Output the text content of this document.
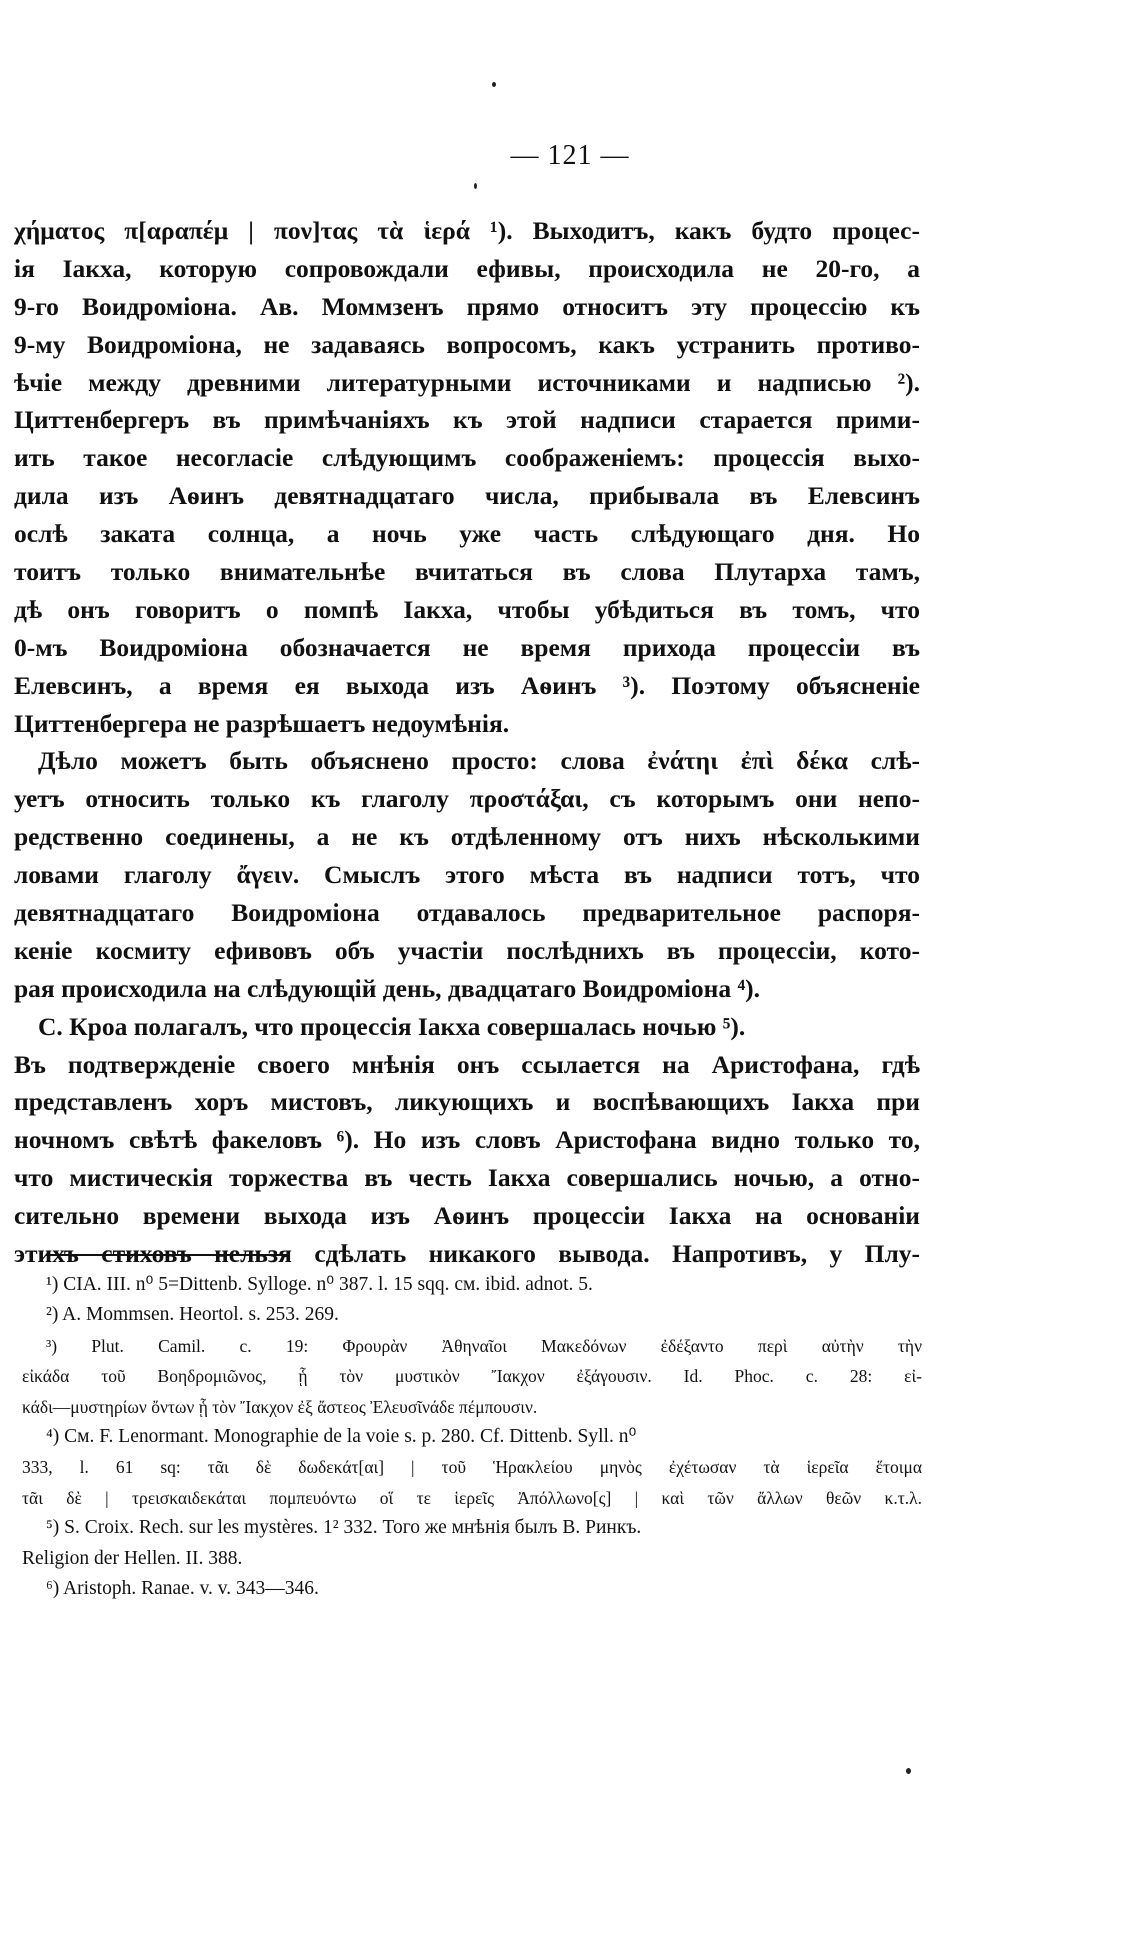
— 121 —
χήματος π[αραπέμ | πον]τας τὰ ἱερά ¹). Выходитъ, какъ будто процес-
ія Іакха, которую сопровождали ефивы, происходила не 20-го, а
9-го Воидроміона. Ав. Моммзенъ прямо относитъ эту процессію къ
9-му Воидроміона, не задаваясь вопросомъ, какъ устранить противо-
ѣчіе между древними литературными источниками и надписью ²).
Циттенбергеръ въ примѣчаніяхъ къ этой надписи старается прими-
ить такое несогласіе слѣдующимъ соображеніемъ: процессія выхо-
дила изъ Аѳинъ девятнадцатаго числа, прибывала въ Елевсинъ
ослѣ заката солнца, а ночь уже часть слѣдующаго дня. Но
тоитъ только внимательнѣе вчитаться въ слова Плутарха тамъ,
дѣ онъ говоритъ о помпѣ Іакха, чтобы убѣдиться въ томъ, что
0-мъ Воидроміона обозначается не время прихода процессіи въ
Елевсинъ, а время ея выхода изъ Аѳинъ ³). Поэтому объясненіе
Циттенбергера не разрѣшаетъ недоумѣнія.
Дѣло можетъ быть объяснено просто: слова ἐνάτηι ἐπὶ δέκα слѣ-
уетъ относить только къ глаголу προστάξαι, съ которымъ они непо-
редственно соединены, а не къ отдѣленному отъ нихъ нѣсколькими
ловами глаголу ἄγειν. Смыслъ этого мѣста въ надписи тотъ, что
девятнадцатаго Воидроміона отдавалось предварительное распоря-
кеніе космиту ефивовъ объ участіи послѣднихъ въ процессіи, кото-
рая происходила на слѣдующій день, двадцатаго Воидроміона ⁴).
С. Кроа полагалъ, что процессія Іакха совершалась ночью ⁵).
Въ подтвержденіе своего мнѣнія онъ ссылается на Аристофана, гдѣ
представленъ хоръ мистовъ, ликующихъ и воспѣвающихъ Іакха при
ночномъ свѣтѣ факеловъ ⁶). Но изъ словъ Аристофана видно только то,
что мистическія торжества въ честь Іакха совершались ночью, а отно-
сительно времени выхода изъ Аѳинъ процессіи Іакха на основаніи
этихъ стиховъ нельзя сдѣлать никакого вывода. Напротивъ, у Плу-
¹) CIA. III. n⁰ 5=Dittenb. Sylloge. n⁰ 387. l. 15 sqq. см. ibid. adnot. 5.
²) A. Mommsen. Heortol. s. 253. 269.
³) Plut. Camil. c. 19: Φρουρὰν Ἀθηναῖοι Μακεδόνων ἐδέξαντο περὶ αὐτὴν τὴν
εἰκάδα τοῦ Βοηδρομιῶνος, ᾗ τὸν μυστικὸν Ἴακχον ἐξάγουσιν. Id. Phoc. c. 28: εἰ-
κάδι—μυστηρίων ὄντων ᾗ τὸν Ἴακχον ἐξ ἄστεος Ἐλευσῖνάδε πέμπουσιν.
⁴) См. F. Lenormant. Monographie de la voie s. p. 280. Cf. Dittenb. Syll. n⁰
333, l. 61 sq: τᾶι δὲ δωδεκάτ[αι] | τοῦ Ἡρακλείου μηνὸς ἐχέτωσαν τὰ ἱερεῖα ἕτοιμα
τᾶι δὲ | τρεισκαιδεκάται πομπευόντω οἵ τε ἱερεῖς Ἀπόλλωνο[ς] | καὶ τῶν ἄλλων θεῶν κ.τ.λ.
⁵) S. Croix. Rech. sur les mystères. 1² 332. Того же мнѣнія былъ В. Ринкъ.
Religion der Hellen. II. 388.
⁶) Aristoph. Ranae. v. v. 343—346.
